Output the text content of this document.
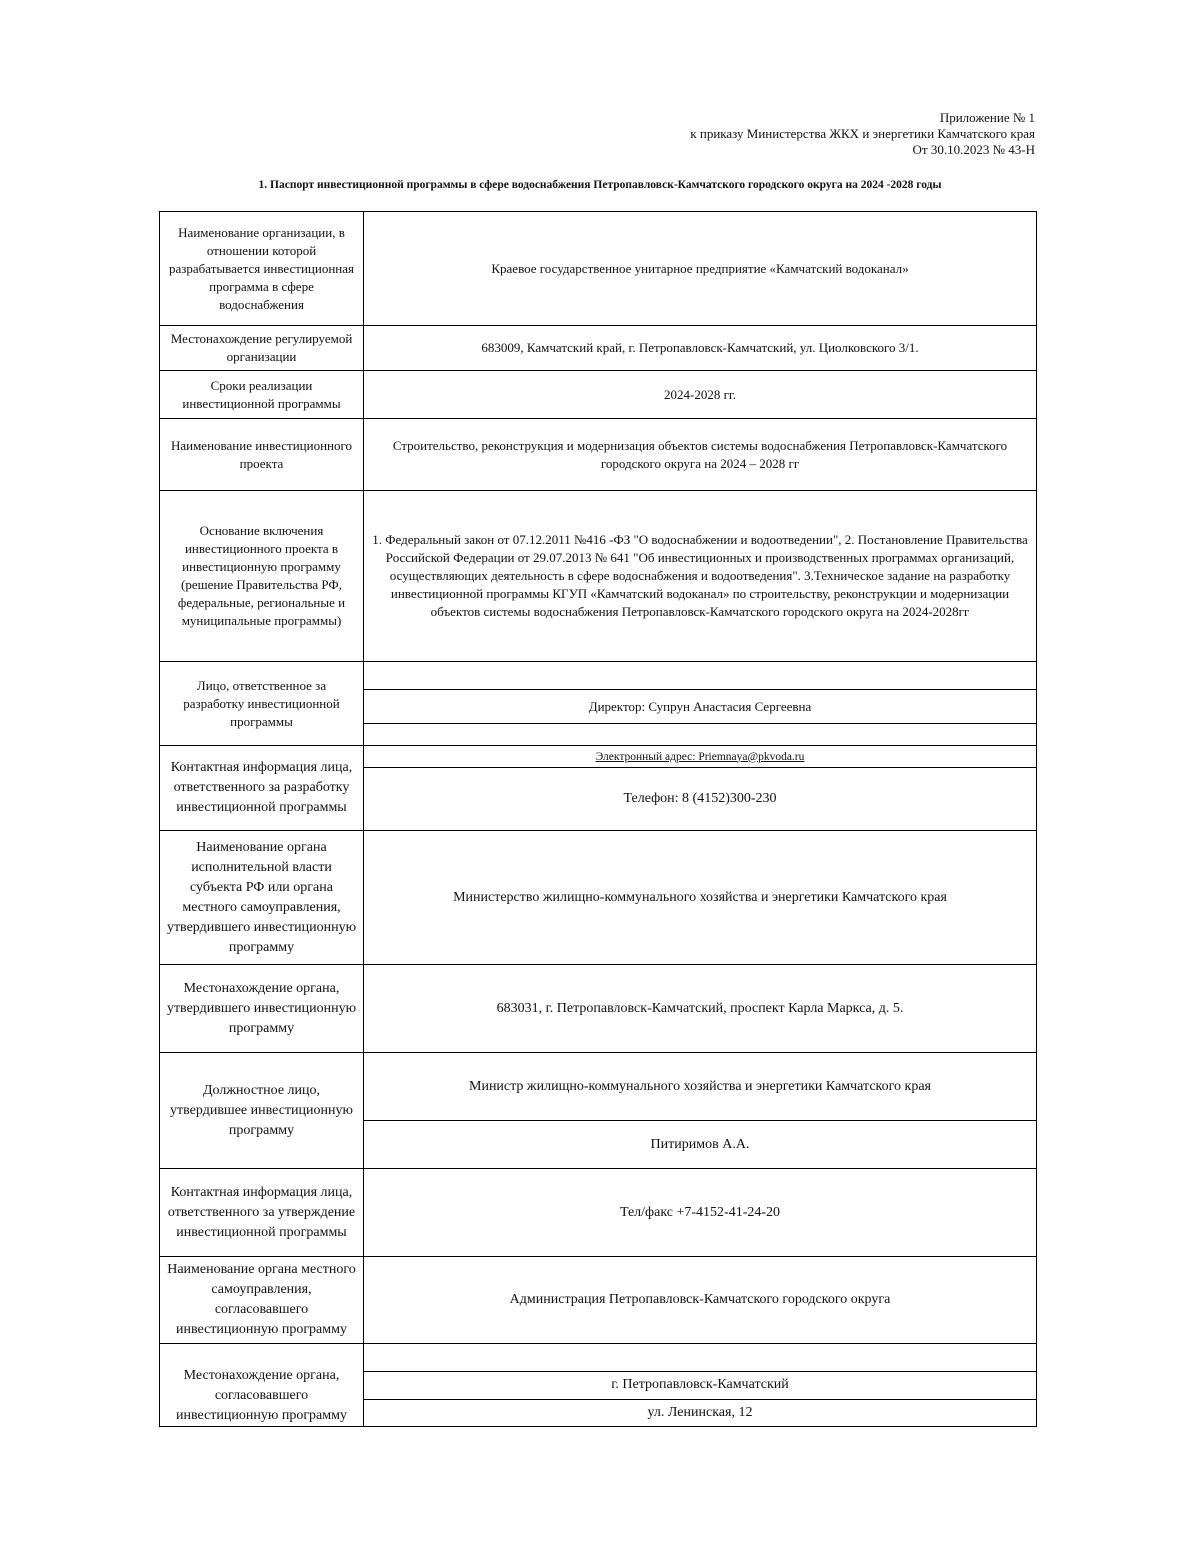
Приложение № 1
к приказу Министерства ЖКХ и энергетики Камчатского края
От 30.10.2023 № 43-Н
1. Паспорт инвестиционной программы в сфере водоснабжения Петропавловск-Камчатского городского округа на 2024 -2028 годы
Наименование организации, в отношении которой разрабатывается инвестиционная программа в сфере водоснабжения	Краевое государственное унитарное предприятие «Камчатский водоканал»
Местонахождение регулируемой организации	683009, Камчатский край, г. Петропавловск-Камчатский, ул. Циолковского 3/1.
Сроки реализации инвестиционной программы	2024-2028 гг.
Наименование инвестиционного проекта	Строительство, реконструкция и модернизация объектов системы водоснабжения Петропавловск-Камчатского городского округа на 2024 – 2028 гг
Основание включения инвестиционного проекта в инвестиционную программу (решение Правительства РФ, федеральные, региональные и муниципальные программы)	1. Федеральный закон от 07.12.2011 №416 -ФЗ "О водоснабжении и водоотведении", 2. Постановление Правительства Российской Федерации от 29.07.2013 № 641 "Об инвестиционных и производственных программах организаций, осуществляющих деятельность в сфере водоснабжения и водоотведения". 3.Техническое задание на разработку инвестиционной программы КГУП «Камчатский водоканал» по строительству, реконструкции и модернизации объектов системы водоснабжения Петропавловск-Камчатского городского округа на 2024-2028гг
Лицо, ответственное за разработку инвестиционной программы	
	Директор: Супрун Анастасия Сергеевна

Контактная информация лица, ответственного за разработку инвестиционной программы	Электронный адрес: Priemnaya@pkvoda.ru
	Телефон: 8 (4152)300-230
Наименование органа исполнительной власти субъекта РФ или органа местного самоуправления, утвердившего инвестиционную программу	Министерство жилищно-коммунального хозяйства и энергетики Камчатского края
Местонахождение органа, утвердившего инвестиционную программу	683031, г. Петропавловск-Камчатский, проспект Карла Маркса, д. 5.
Должностное лицо, утвердившее инвестиционную программу	Министр жилищно-коммунального хозяйства и энергетики Камчатского края
	Питиримов А.А.
Контактная информация лица, ответственного за утверждение инвестиционной программы	Тел/факс +7-4152-41-24-20
Наименование органа местного самоуправления, согласовавшего инвестиционную программу	Администрация Петропавловск-Камчатского городского округа
Местонахождение органа, согласовавшего инвестиционную программу	
	г. Петропавловск-Камчатский
	ул. Ленинская, 12
